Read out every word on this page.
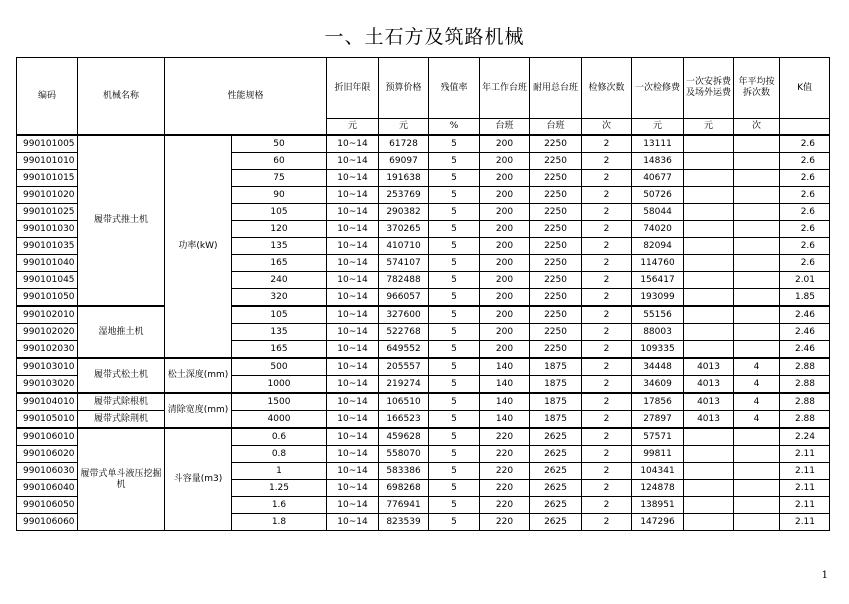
一、土石方及筑路机械
编码	机械名称	性能规格		折旧年限	预算价格	残值率	年工作台班	耐用总台班	检修次数	一次检修费	一次安拆费及场外运费	年平均按拆次数	K值
				元	元	%	台班	台班	次	元	元	次	
990101005	履带式推土机	功率(kW)	50	10~14	61728	5	200	2250	2	13111			2.6
990101010			60	10~14	69097	5	200	2250	2	14836			2.6
990101015			75	10~14	191638	5	200	2250	2	40677			2.6
990101020			90	10~14	253769	5	200	2250	2	50726			2.6
990101025			105	10~14	290382	5	200	2250	2	58044			2.6
990101030			120	10~14	370265	5	200	2250	2	74020			2.6
990101035			135	10~14	410710	5	200	2250	2	82094			2.6
990101040			165	10~14	574107	5	200	2250	2	114760			2.6
990101045			240	10~14	782488	5	200	2250	2	156417			2.01
990101050			320	10~14	966057	5	200	2250	2	193099			1.85
990102010	湿地推土机		105	10~14	327600	5	200	2250	2	55156			2.46
990102020			135	10~14	522768	5	200	2250	2	88003			2.46
990102030			165	10~14	649552	5	200	2250	2	109335			2.46
990103010	履带式松土机	松土深度(mm)	500	10~14	205557	5	140	1875	2	34448	4013	4	2.88
990103020			1000	10~14	219274	5	140	1875	2	34609	4013	4	2.88
990104010	履带式除根机	清除宽度(mm)	1500	10~14	106510	5	140	1875	2	17856	4013	4	2.88
990105010	履带式除荆机		4000	10~14	166523	5	140	1875	2	27897	4013	4	2.88
990106010	履带式单斗液压挖掘机	斗容量(m3)	0.6	10~14	459628	5	220	2625	2	57571			2.24
990106020			0.8	10~14	558070	5	220	2625	2	99811			2.11
990106030			1	10~14	583386	5	220	2625	2	104341			2.11
990106040			1.25	10~14	698268	5	220	2625	2	124878			2.11
990106050			1.6	10~14	776941	5	220	2625	2	138951			2.11
990106060			1.8	10~14	823539	5	220	2625	2	147296			2.11
1
